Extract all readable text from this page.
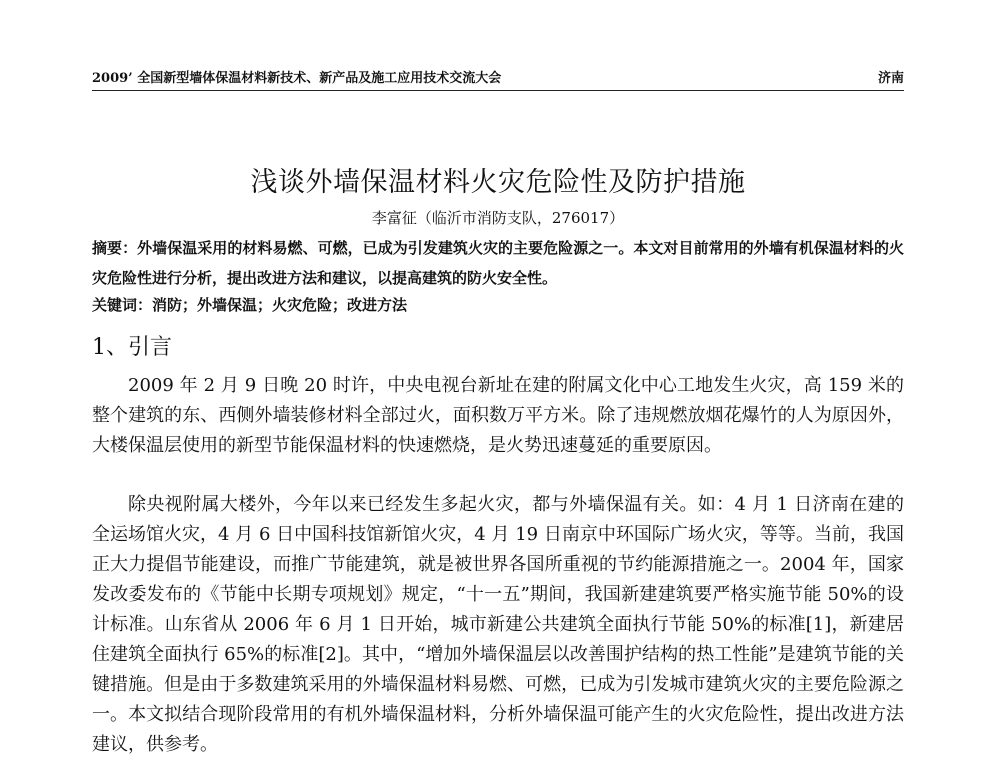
2009’ 全国新型墙体保温材料新技术、新产品及施工应用技术交流大会	济南
浅谈外墙保温材料火灾危险性及防护措施
李富征（临沂市消防支队，276017）
摘要：外墙保温采用的材料易燃、可燃，已成为引发建筑火灾的主要危险源之一。本文对目前常用的外墙有机保温材料的火灾危险性进行分析，提出改进方法和建议，以提高建筑的防火安全性。
关键词：消防；外墙保温；火灾危险；改进方法
1、引言

2009 年 2 月 9 日晚 20 时许，中央电视台新址在建的附属文化中心工地发生火灾，高 159 米的整个建筑的东、西侧外墙装修材料全部过火，面积数万平方米。除了违规燃放烟花爆竹的人为原因外，大楼保温层使用的新型节能保温材料的快速燃烧，是火势迅速蔓延的重要原因。

除央视附属大楼外，今年以来已经发生多起火灾，都与外墙保温有关。如：4 月 1 日济南在建的全运场馆火灾，4 月 6 日中国科技馆新馆火灾，4 月 19 日南京中环国际广场火灾，等等。当前，我国正大力提倡节能建设，而推广节能建筑，就是被世界各国所重视的节约能源措施之一。2004 年，国家发改委发布的《节能中长期专项规划》规定，“十一五”期间，我国新建建筑要严格实施节能 50%的设计标准。山东省从 2006 年 6 月 1 日开始，城市新建公共建筑全面执行节能 50%的标准[1]，新建居住建筑全面执行 65%的标准[2]。其中，“增加外墙保温层以改善围护结构的热工性能”是建筑节能的关键措施。但是由于多数建筑采用的外墙保温材料易燃、可燃，已成为引发城市建筑火灾的主要危险源之一。本文拟结合现阶段常用的有机外墙保温材料，分析外墙保温可能产生的火灾危险性，提出改进方法建议，供参考。
